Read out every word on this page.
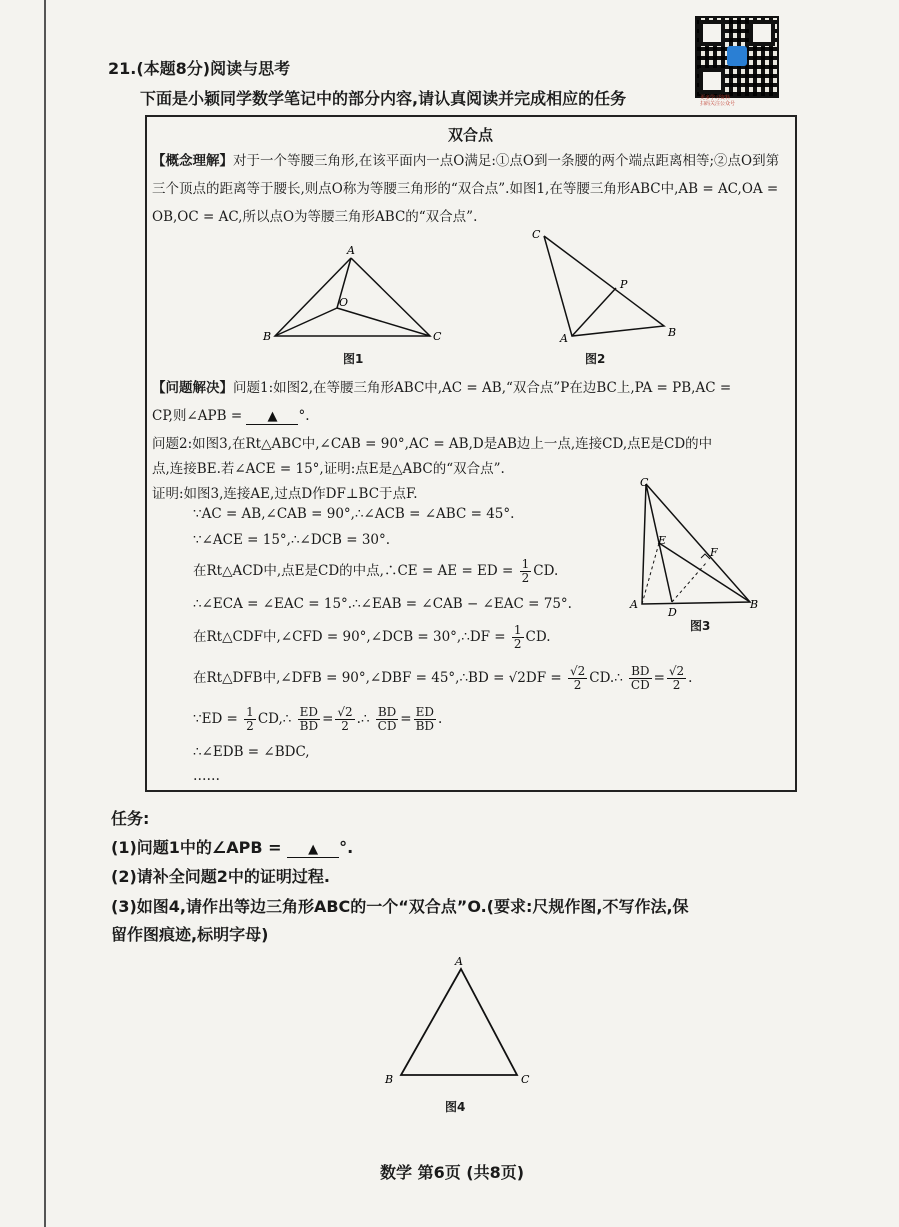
更多学习资料
扫码关注公众号
21.(本题8分)阅读与思考
下面是小颖同学数学笔记中的部分内容,请认真阅读并完成相应的任务
双合点
【概念理解】对于一个等腰三角形,在该平面内一点O满足:①点O到一条腰的两个端点距离相等;②点O到第三个顶点的距离等于腰长,则点O称为等腰三角形的“双合点”.如图1,在等腰三角形ABC中,AB = AC,OA = OB,OC = AC,所以点O为等腰三角形ABC的“双合点”.
A
O
B	C
图1
C
P
A	B
图2
【问题解决】问题1:如图2,在等腰三角形ABC中,AC = AB,“双合点”P在边BC上,PA = PB,AC =
CP,则∠APB = ▲ °.
问题2:如图3,在Rt△ABC中,∠CAB = 90°,AC = AB,D是AB边上一点,连接CD,点E是CD的中
点,连接BE.若∠ACE = 15°,证明:点E是△ABC的“双合点”.
证明:如图3,连接AE,过点D作DF⊥BC于点F.
∵AC = AB,∠CAB = 90°,∴∠ACB = ∠ABC = 45°.
∵∠ACE = 15°,∴∠DCB = 30°.
在Rt△ACD中,点E是CD的中点,∴CE = AE = ED = $\frac{1}{2}$ CD.
∴∠ECA = ∠EAC = 15°.∴∠EAB = ∠CAB − ∠EAC = 75°.
在Rt△CDF中,∠CFD = 90°,∠DCB = 30°,∴DF = $\frac{1}{2}$ CD.
在Rt△DFB中,∠DFB = 90°,∠DBF = 45°,∴BD = $√2DF = \frac{√2}{2}$ CD.∴ $\frac{BD}{CD} = \frac{√2}{2}$ .
∵ED = $\frac{1}{2}$ CD,∴ $\frac{ED}{BD} = \frac{√2}{2}$ .∴ $\frac{BD}{CD} = \frac{ED}{BD}$ .
∴∠EDB = ∠BDC,
……
C
E
F
A
D
B
图3
任务:
(1)问题1中的∠APB = ▲ °.
(2)请补全问题2中的证明过程.
(3)如图4,请作出等边三角形ABC的一个“双合点”O.(要求:尺规作图,不写作法,保
留作图痕迹,标明字母)
A
B	C
图4
数学 第6页 (共8页)
